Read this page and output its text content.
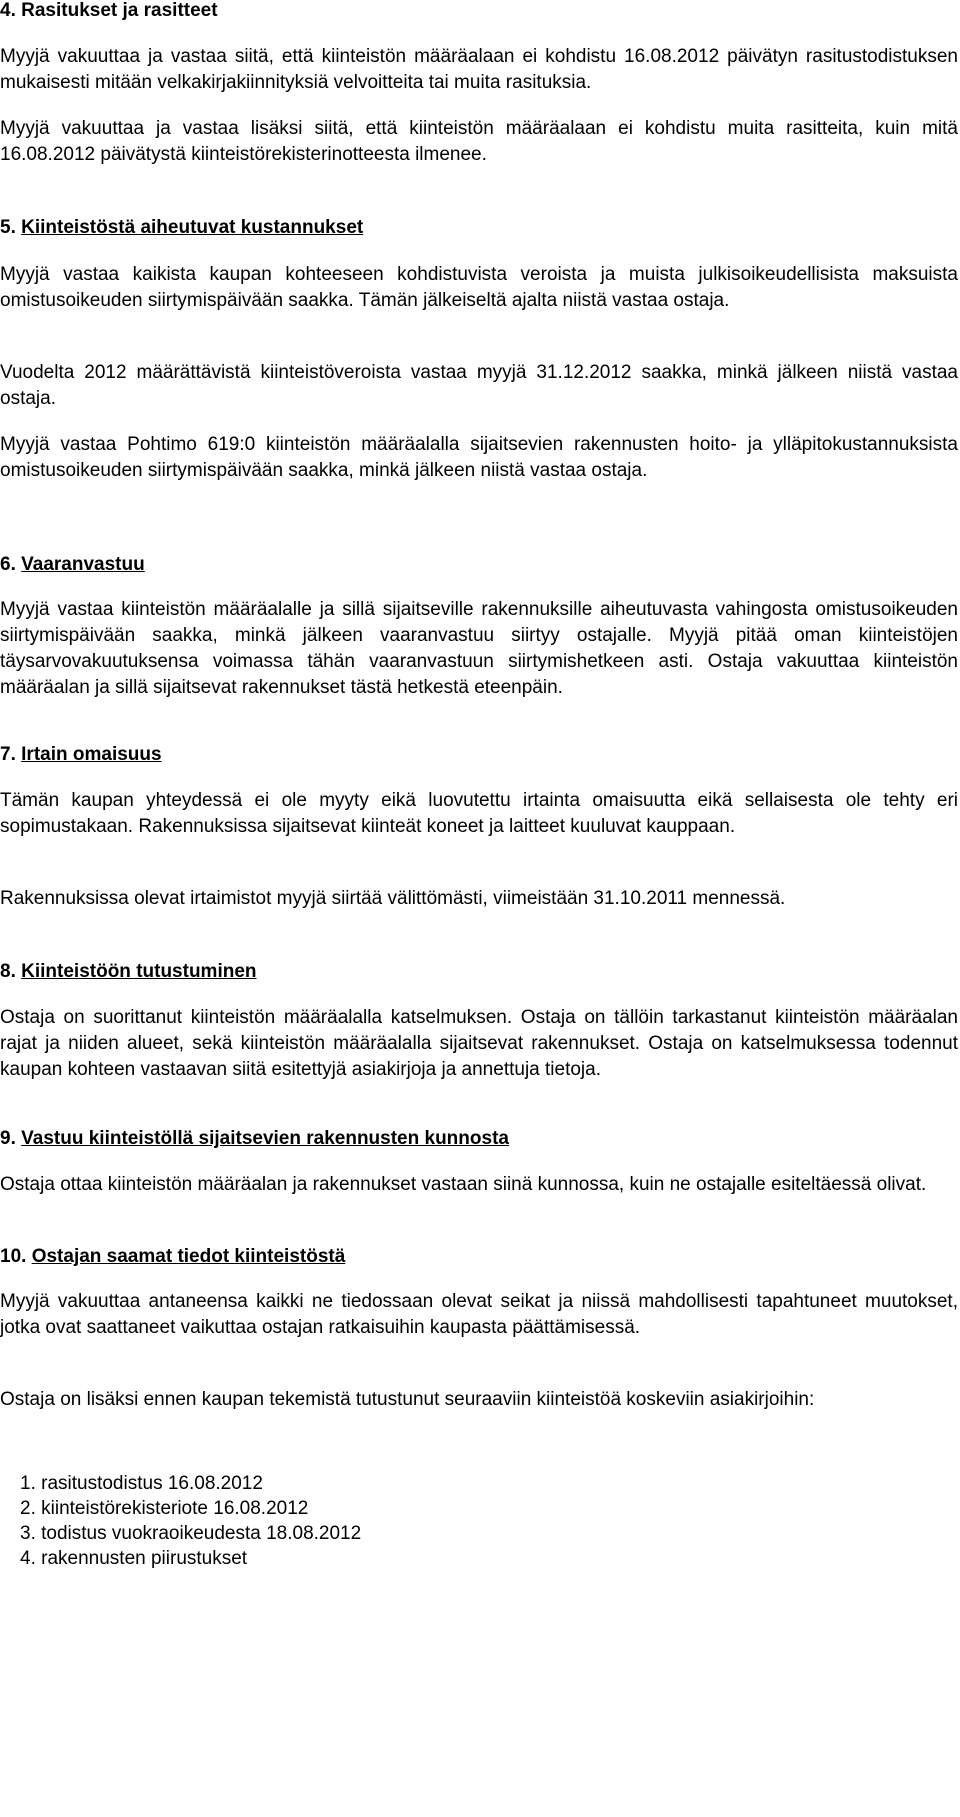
4. Rasitukset ja rasitteet

Myyjä vakuuttaa ja vastaa siitä, että kiinteistön määräalaan ei kohdistu 16.08.2012 päivätyn rasitustodistuksen mukaisesti mitään velkakirjakiinnityksiä velvoitteita tai muita rasituksia.

Myyjä vakuuttaa ja vastaa lisäksi siitä, että kiinteistön määräalaan ei kohdistu muita rasitteita, kuin mitä 16.08.2012 päivätystä kiinteistörekisterinotteesta ilmenee.

5. Kiinteistöstä aiheutuvat kustannukset

Myyjä vastaa kaikista kaupan kohteeseen kohdistuvista veroista ja muista julkisoikeudellisista maksuista omistusoikeuden siirtymispäivään saakka. Tämän jälkeiseltä ajalta niistä vastaa ostaja.

Vuodelta 2012 määrättävistä kiinteistöveroista vastaa myyjä 31.12.2012 saakka, minkä jälkeen niistä vastaa ostaja.

Myyjä vastaa Pohtimo 619:0 kiinteistön määräalalla sijaitsevien rakennusten hoito- ja ylläpitokustannuksista omistusoikeuden siirtymispäivään saakka, minkä jälkeen niistä vastaa ostaja.

6. Vaaranvastuu

Myyjä vastaa kiinteistön määräalalle ja sillä sijaitseville rakennuksille aiheutuvasta vahingosta omistusoikeuden siirtymispäivään saakka, minkä jälkeen vaaranvastuu siirtyy ostajalle. Myyjä pitää oman kiinteistöjen täysarvovakuutuksensa voimassa tähän vaaranvastuun siirtymishetkeen asti. Ostaja vakuuttaa kiinteistön määräalan ja sillä sijaitsevat rakennukset tästä hetkestä eteenpäin.

7. Irtain omaisuus

Tämän kaupan yhteydessä ei ole myyty eikä luovutettu irtainta omaisuutta eikä sellaisesta ole tehty eri sopimustakaan. Rakennuksissa sijaitsevat kiinteät koneet ja laitteet kuuluvat kauppaan.

Rakennuksissa olevat irtaimistot myyjä siirtää välittömästi, viimeistään 31.10.2011 mennessä.

8. Kiinteistöön tutustuminen

Ostaja on suorittanut kiinteistön määräalalla katselmuksen. Ostaja on tällöin tarkastanut kiinteistön määräalan rajat ja niiden alueet, sekä kiinteistön määräalalla sijaitsevat rakennukset. Ostaja on katselmuksessa todennut kaupan kohteen vastaavan siitä esitettyjä asiakirjoja ja annettuja tietoja.

9. Vastuu kiinteistöllä sijaitsevien rakennusten kunnosta

Ostaja ottaa kiinteistön määräalan ja rakennukset vastaan siinä kunnossa, kuin ne ostajalle esiteltäessä olivat.

10. Ostajan saamat tiedot kiinteistöstä

Myyjä vakuuttaa antaneensa kaikki ne tiedossaan olevat seikat ja niissä mahdollisesti tapahtuneet muutokset, jotka ovat saattaneet vaikuttaa ostajan ratkaisuihin kaupasta päättämisessä.

Ostaja on lisäksi ennen kaupan tekemistä tutustunut seuraaviin kiinteistöä koskeviin asiakirjoihin:

1. rasitustodistus 16.08.2012
2. kiinteistörekisteriote 16.08.2012
3. todistus vuokraoikeudesta 18.08.2012
4. rakennusten piirustukset
